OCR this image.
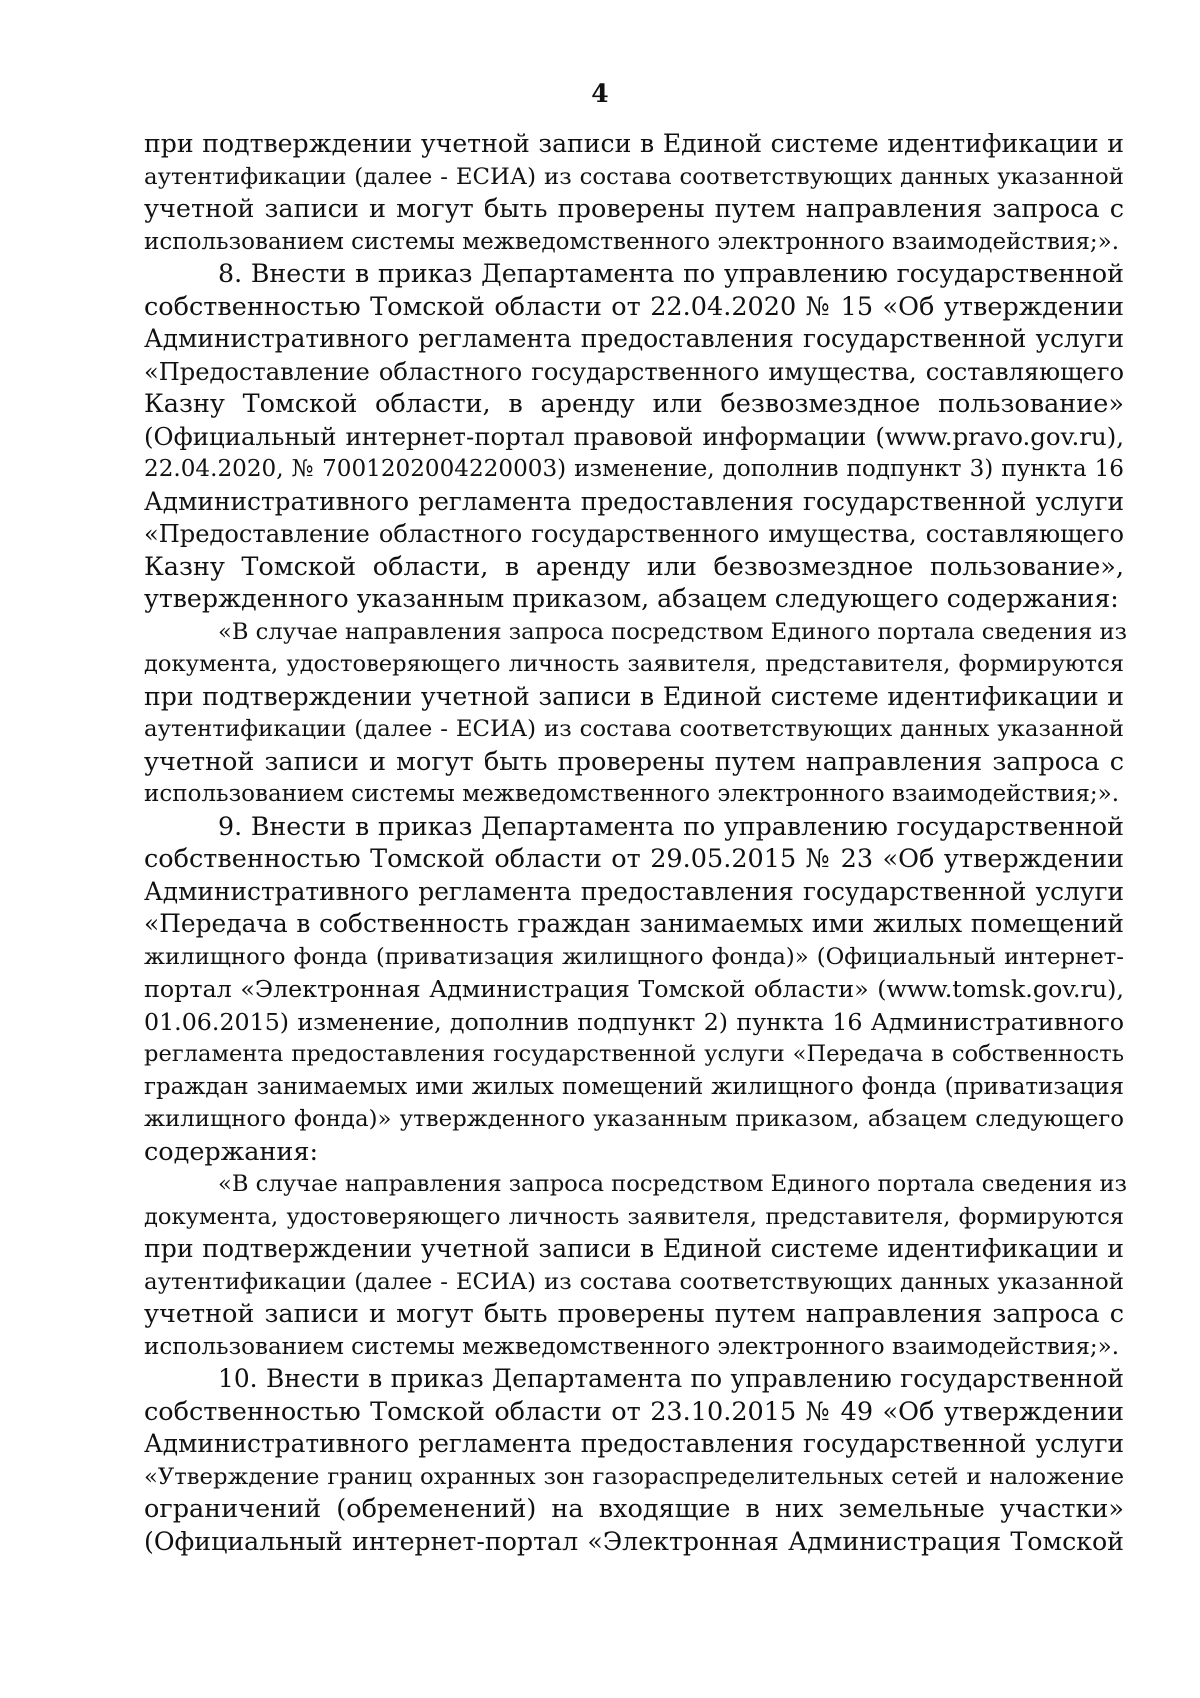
4
при подтверждении учетной записи в Единой системе идентификации и
аутентификации (далее - ЕСИА) из состава соответствующих данных указанной
учетной записи и могут быть проверены путем направления запроса с
использованием системы межведомственного электронного взаимодействия;».
8. Внести в приказ Департамента по управлению государственной
собственностью Томской области от 22.04.2020 № 15 «Об утверждении
Административного регламента предоставления государственной услуги
«Предоставление областного государственного имущества, составляющего
Казну Томской области, в аренду или безвозмездное пользование»
(Официальный интернет-портал правовой информации (www.pravo.gov.ru),
22.04.2020, № 7001202004220003) изменение, дополнив подпункт 3) пункта 16
Административного регламента предоставления государственной услуги
«Предоставление областного государственного имущества, составляющего
Казну Томской области, в аренду или безвозмездное пользование»,
утвержденного указанным приказом, абзацем следующего содержания:
«В случае направления запроса посредством Единого портала сведения из
документа, удостоверяющего личность заявителя, представителя, формируются
при подтверждении учетной записи в Единой системе идентификации и
аутентификации (далее - ЕСИА) из состава соответствующих данных указанной
учетной записи и могут быть проверены путем направления запроса с
использованием системы межведомственного электронного взаимодействия;».
9. Внести в приказ Департамента по управлению государственной
собственностью Томской области от 29.05.2015 № 23 «Об утверждении
Административного регламента предоставления государственной услуги
«Передача в собственность граждан занимаемых ими жилых помещений
жилищного фонда (приватизация жилищного фонда)» (Официальный интернет-
портал «Электронная Администрация Томской области» (www.tomsk.gov.ru),
01.06.2015) изменение, дополнив подпункт 2) пункта 16 Административного
регламента предоставления государственной услуги «Передача в собственность
граждан занимаемых ими жилых помещений жилищного фонда (приватизация
жилищного фонда)» утвержденного указанным приказом, абзацем следующего
содержания:
«В случае направления запроса посредством Единого портала сведения из
документа, удостоверяющего личность заявителя, представителя, формируются
при подтверждении учетной записи в Единой системе идентификации и
аутентификации (далее - ЕСИА) из состава соответствующих данных указанной
учетной записи и могут быть проверены путем направления запроса с
использованием системы межведомственного электронного взаимодействия;».
10. Внести в приказ Департамента по управлению государственной
собственностью Томской области от 23.10.2015 № 49 «Об утверждении
Административного регламента предоставления государственной услуги
«Утверждение границ охранных зон газораспределительных сетей и наложение
ограничений (обременений) на входящие в них земельные участки»
(Официальный интернет-портал «Электронная Администрация Томской
